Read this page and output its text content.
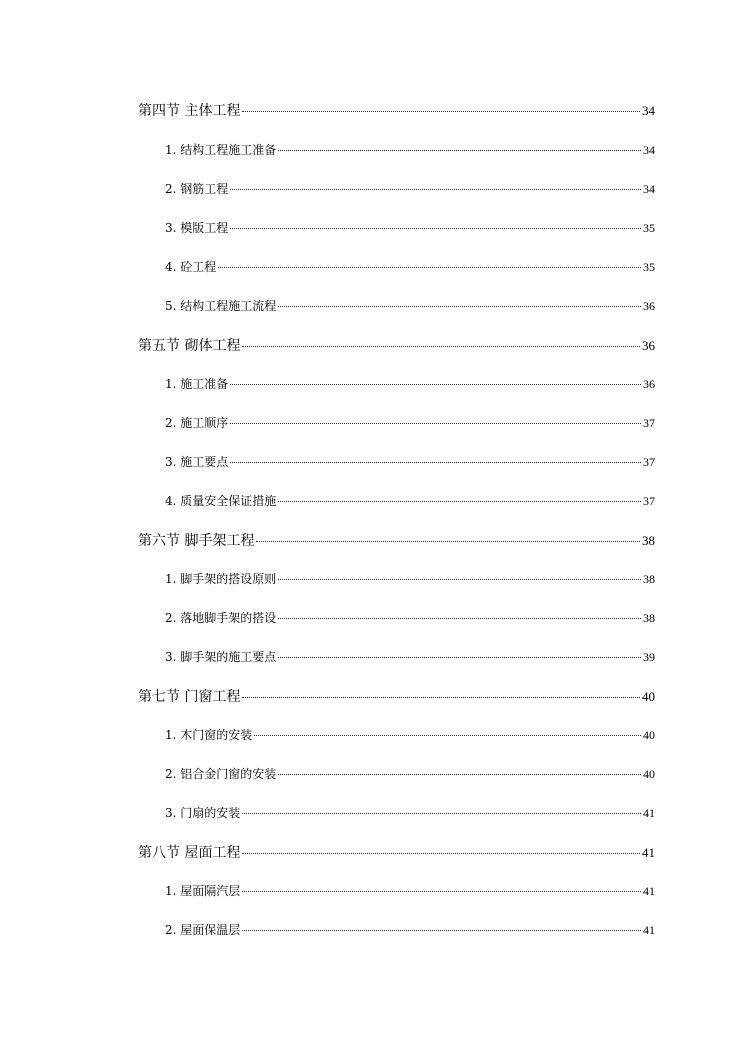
第四节 主体工程	34
1. 结构工程施工准备	34
2. 钢筋工程	34
3. 模版工程	35
4. 砼工程	35
5. 结构工程施工流程	36
第五节 砌体工程	36
1. 施工准备	36
2. 施工顺序	37
3. 施工要点	37
4. 质量安全保证措施	37
第六节 脚手架工程	38
1. 脚手架的搭设原则	38
2. 落地脚手架的搭设	38
3. 脚手架的施工要点	39
第七节 门窗工程	40
1. 木门窗的安装	40
2. 铝合金门窗的安装	40
3. 门扇的安装	41
第八节 屋面工程	41
1. 屋面隔汽层	41
2. 屋面保温层	41
